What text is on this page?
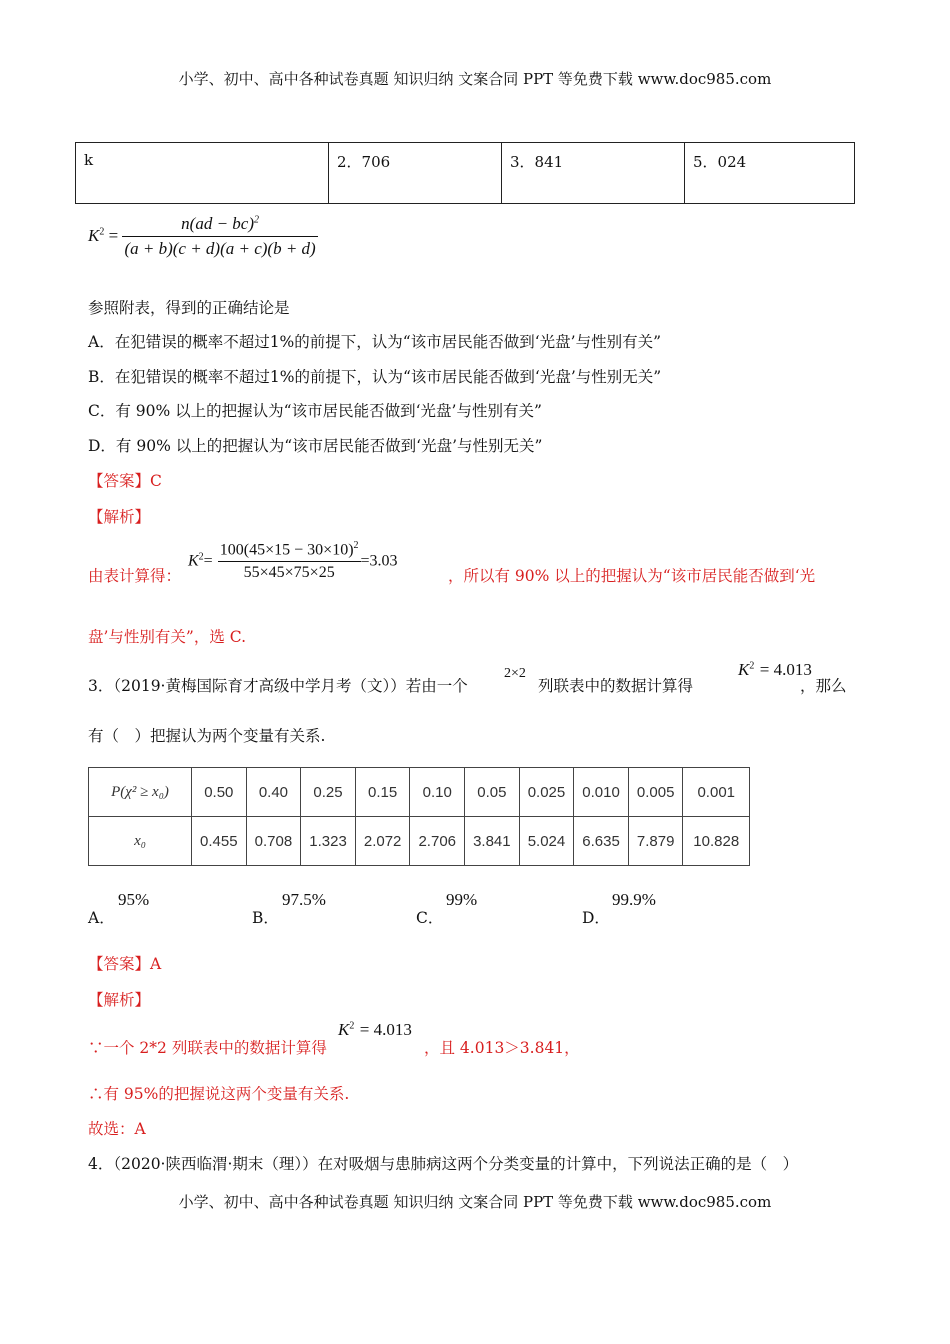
小学、初中、高中各种试卷真题 知识归纳 文案合同 PPT 等免费下载 www.doc985.com
k	2．706	3．841	5．024
$K^2 = \frac{n(ad - bc)^2}{(a + b)(c + d)(a + c)(b + d)}$
参照附表，得到的正确结论是
A．在犯错误的概率不超过1%的前提下，认为“该市居民能否做到‘光盘’与性别有关”
B．在犯错误的概率不超过1%的前提下，认为“该市居民能否做到‘光盘’与性别无关”
C．有 90% 以上的把握认为“该市居民能否做到‘光盘’与性别有关”
D．有 90% 以上的把握认为“该市居民能否做到‘光盘’与性别无关”
【答案】C
【解析】
由表计算得：
$K^2= \frac{100(45\times 15 - 30\times 10)^2}{55\times 45\times 75\times 25} =3.03$
，所以有 90% 以上的把握认为“该市居民能否做到‘光
盘’与性别有关”，选 C.
3．（2019·黄梅国际育才高级中学月考（文））若由一个
2×2
列联表中的数据计算得
$K^2 = 4.013$
，那么
有（　）把握认为两个变量有关系.
P(χ² ≥ x₀)	0.50	0.40	0.25	0.15	0.10	0.05	0.025	0.010	0.005	0.001
x₀	0.455	0.708	1.323	2.072	2.706	3.841	5.024	6.635	7.879	10.828
A．
95%
B．
97.5%
C．
99%
D．
99.9%
【答案】A
【解析】
∵一个 2*2 列联表中的数据计算得
$K^2 = 4.013$
，且 4.013＞3.841，
∴有 95%的把握说这两个变量有关系.
故选：A
4．（2020·陕西临渭·期末（理））在对吸烟与患肺病这两个分类变量的计算中，下列说法正确的是（　）
小学、初中、高中各种试卷真题 知识归纳 文案合同 PPT 等免费下载 www.doc985.com
